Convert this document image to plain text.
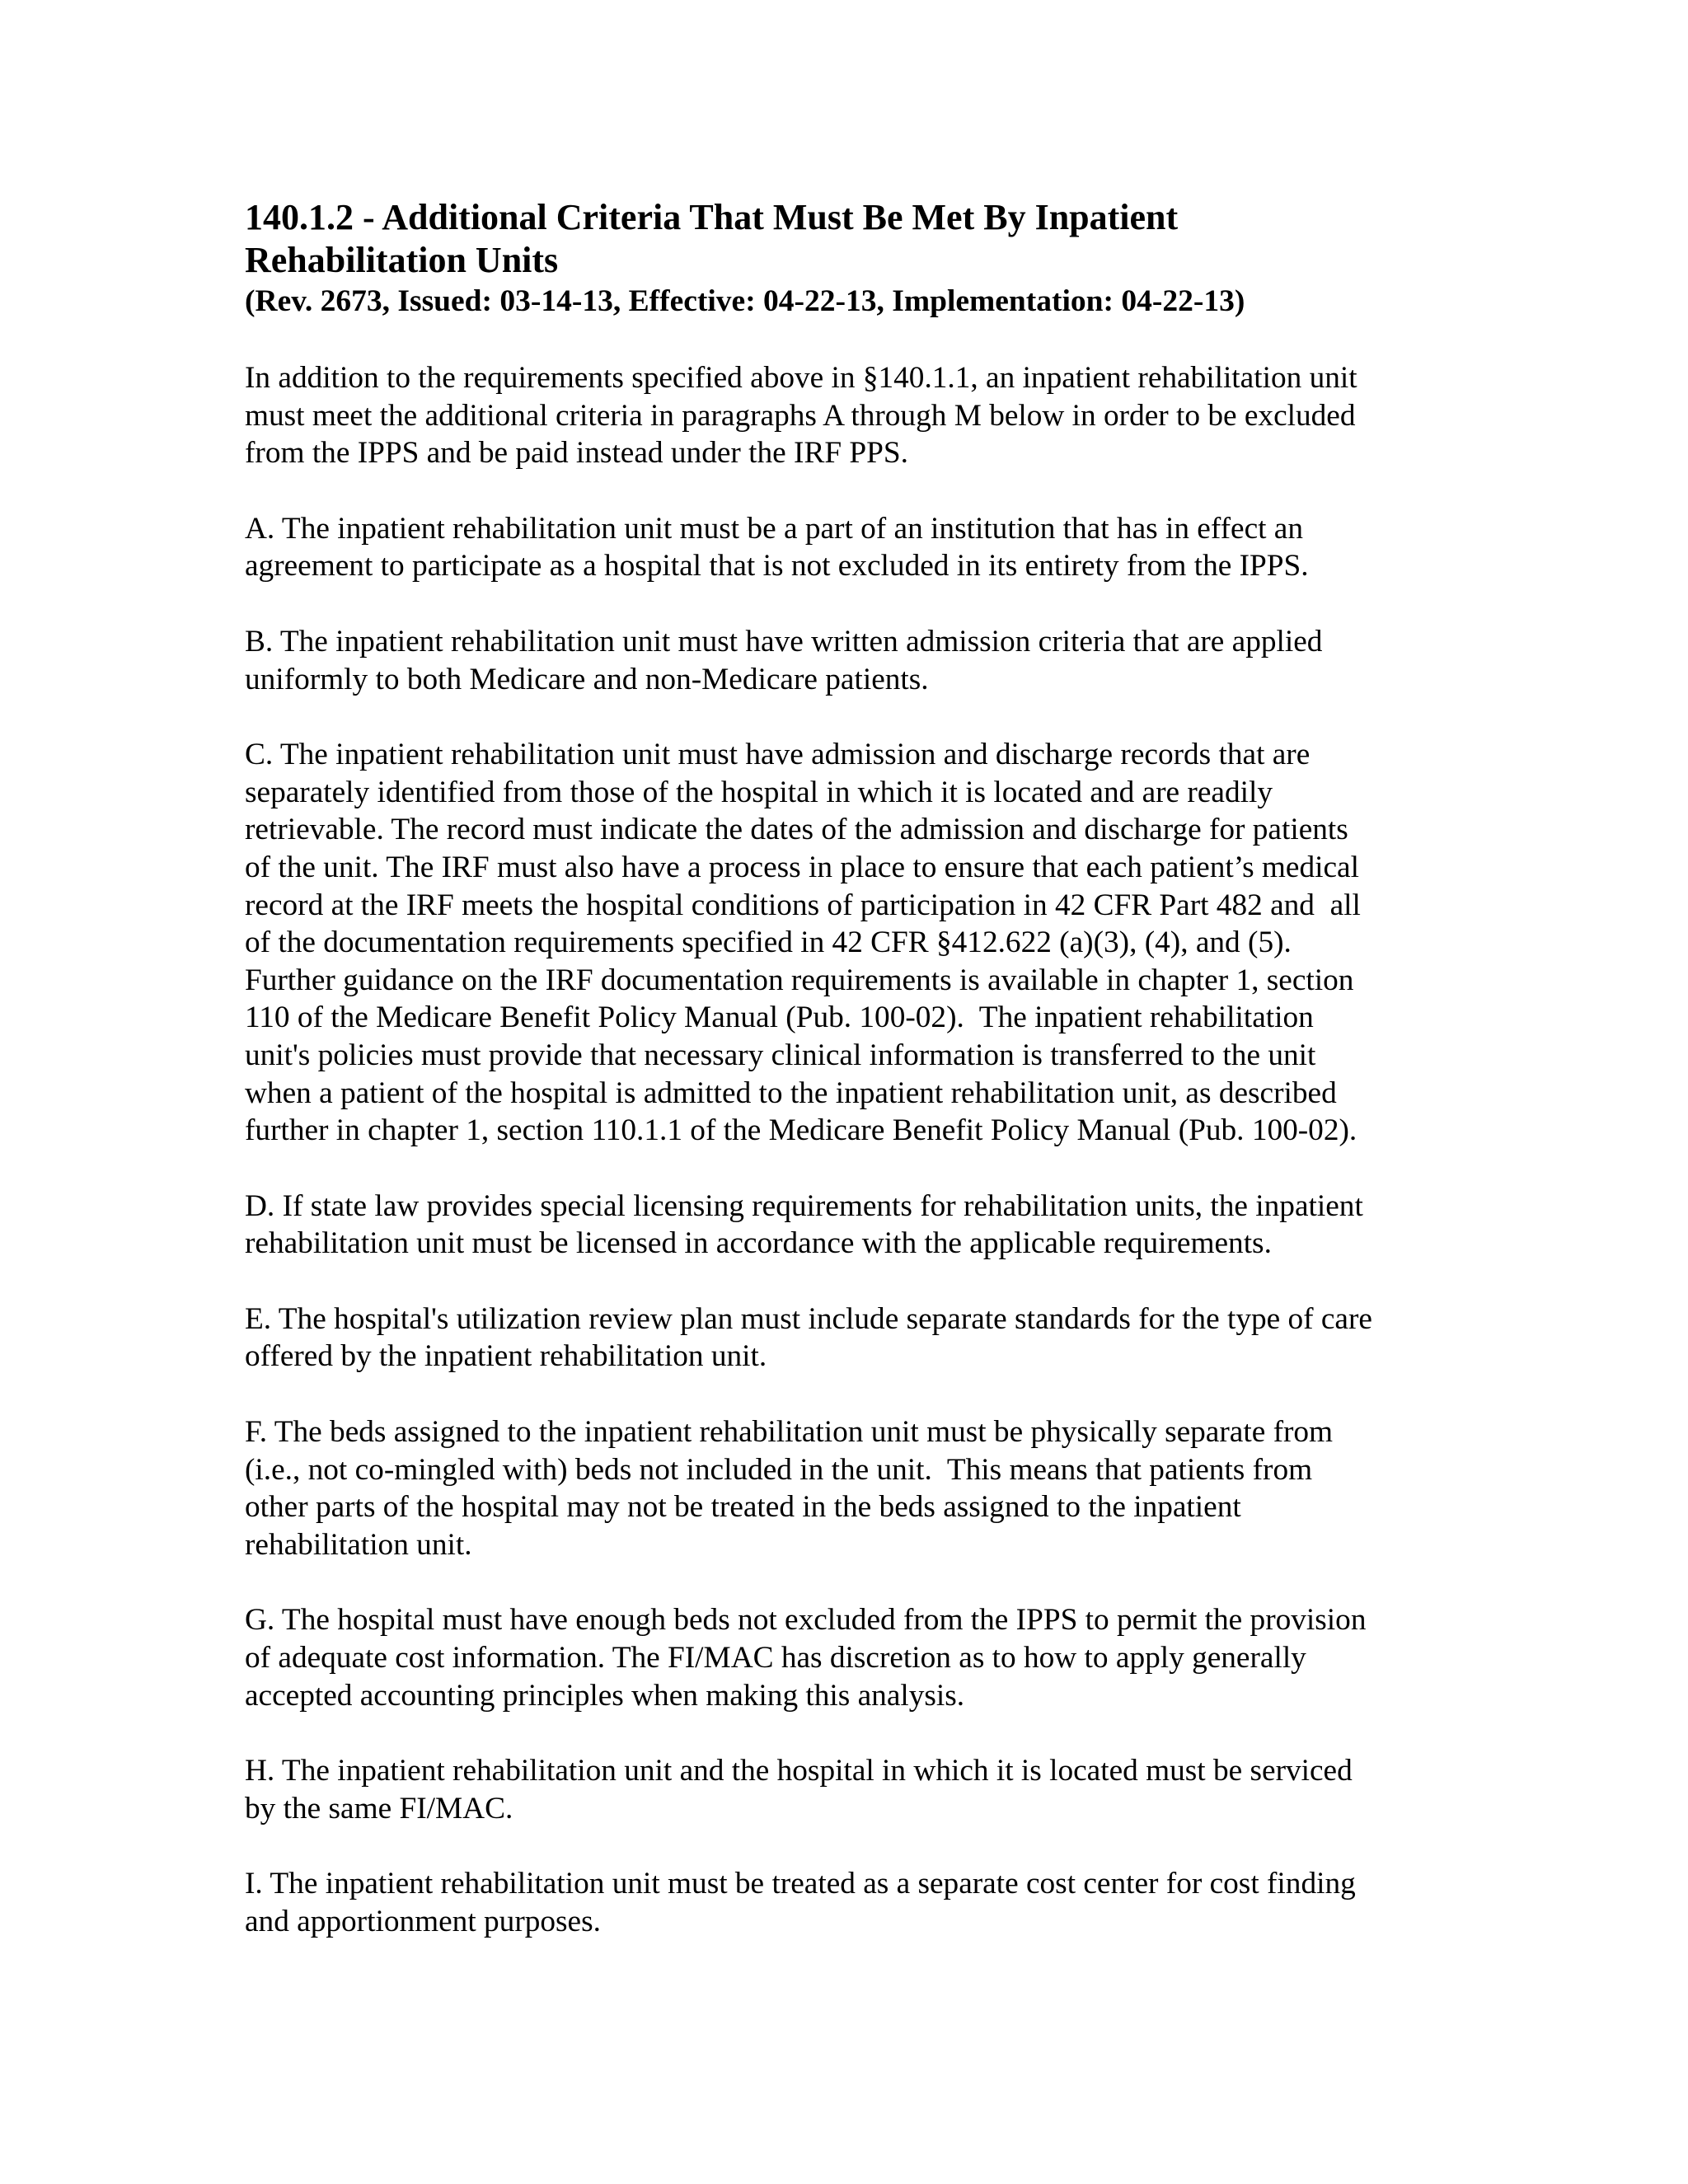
140.1.2 - Additional Criteria That Must Be Met By Inpatient

Rehabilitation Units

(Rev. 2673, Issued: 03-14-13, Effective: 04-22-13, Implementation: 04-22-13)

In addition to the requirements specified above in §140.1.1, an inpatient rehabilitation unit

must meet the additional criteria in paragraphs A through M below in order to be excluded

from the IPPS and be paid instead under the IRF PPS.

A. The inpatient rehabilitation unit must be a part of an institution that has in effect an

agreement to participate as a hospital that is not excluded in its entirety from the IPPS.

B. The inpatient rehabilitation unit must have written admission criteria that are applied

uniformly to both Medicare and non-Medicare patients.

C. The inpatient rehabilitation unit must have admission and discharge records that are

separately identified from those of the hospital in which it is located and are readily

retrievable. The record must indicate the dates of the admission and discharge for patients

of the unit. The IRF must also have a process in place to ensure that each patient’s medical

record at the IRF meets the hospital conditions of participation in 42 CFR Part 482 and  all

of the documentation requirements specified in 42 CFR §412.622 (a)(3), (4), and (5).

Further guidance on the IRF documentation requirements is available in chapter 1, section

110 of the Medicare Benefit Policy Manual (Pub. 100-02).  The inpatient rehabilitation

unit's policies must provide that necessary clinical information is transferred to the unit

when a patient of the hospital is admitted to the inpatient rehabilitation unit, as described

further in chapter 1, section 110.1.1 of the Medicare Benefit Policy Manual (Pub. 100-02).

D. If state law provides special licensing requirements for rehabilitation units, the inpatient

rehabilitation unit must be licensed in accordance with the applicable requirements.

E. The hospital's utilization review plan must include separate standards for the type of care

offered by the inpatient rehabilitation unit.

F. The beds assigned to the inpatient rehabilitation unit must be physically separate from

(i.e., not co-mingled with) beds not included in the unit.  This means that patients from

other parts of the hospital may not be treated in the beds assigned to the inpatient

rehabilitation unit.

G. The hospital must have enough beds not excluded from the IPPS to permit the provision

of adequate cost information. The FI/MAC has discretion as to how to apply generally

accepted accounting principles when making this analysis.

H. The inpatient rehabilitation unit and the hospital in which it is located must be serviced

by the same FI/MAC.

I. The inpatient rehabilitation unit must be treated as a separate cost center for cost finding

and apportionment purposes.
